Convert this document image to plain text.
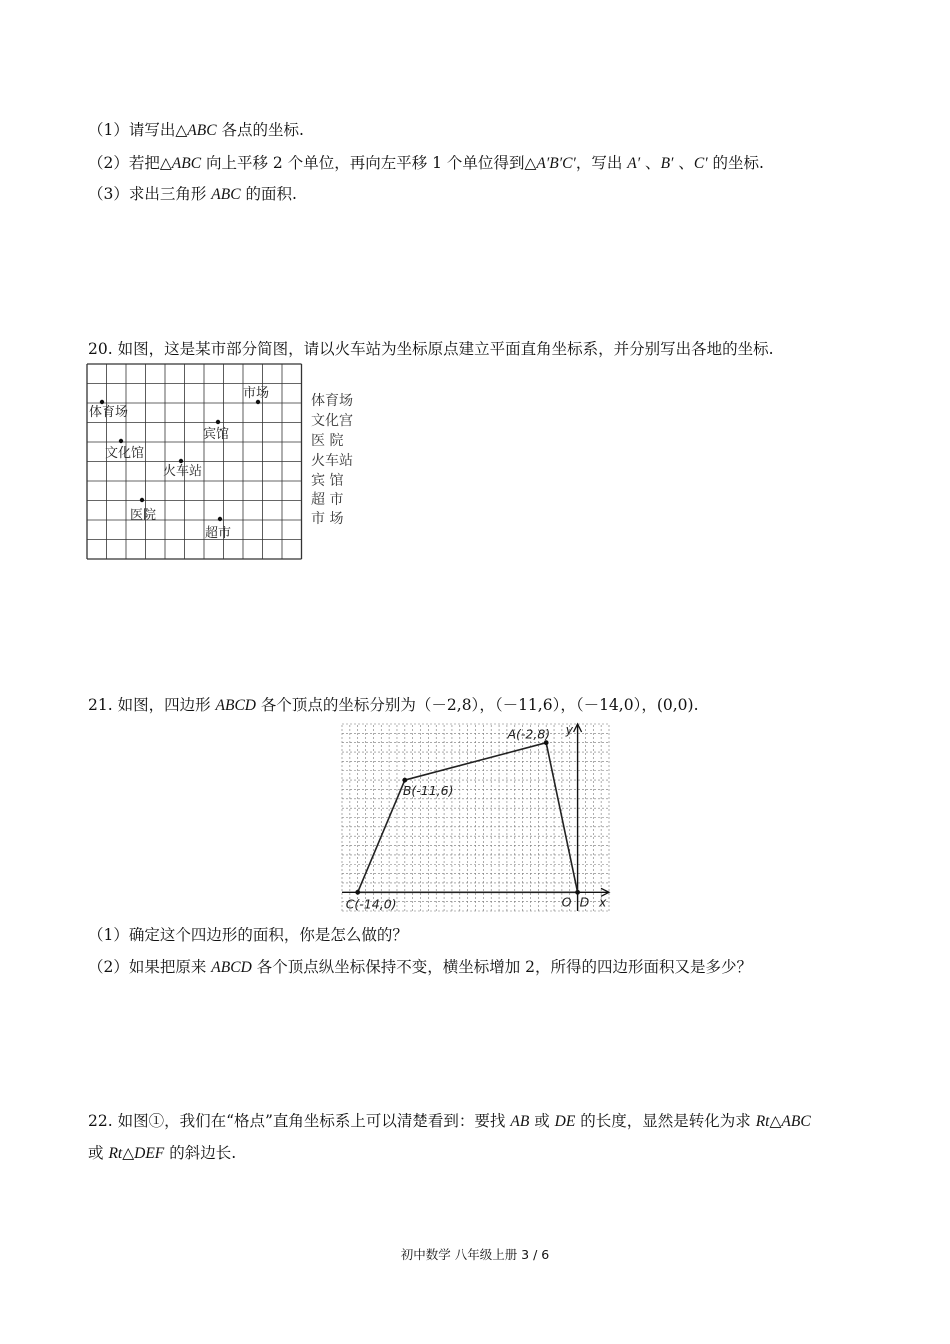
（1）请写出△ABC 各点的坐标.
（2）若把△ABC 向上平移 2 个单位，再向左平移 1 个单位得到△A′B′C′，写出 A′ 、B′ 、C′ 的坐标.
（3）求出三角形 ABC 的面积.
20. 如图，这是某市部分简图，请以火车站为坐标原点建立平面直角坐标系，并分别写出各地的坐标.
体育场
文化馆
宾馆
火车站
医院
超市
市场	体育场
文化宫
医 院
火车站
宾 馆
超 市
市 场
21. 如图，四边形 ABCD 各个顶点的坐标分别为（－2,8），（－11,6），（－14,0），(0,0).
A(-2,8)
B(-11,6)
C(-14,0)	O D x
y
（1）确定这个四边形的面积，你是怎么做的？
（2）如果把原来 ABCD 各个顶点纵坐标保持不变，横坐标增加 2，所得的四边形面积又是多少？
22. 如图①，我们在“格点”直角坐标系上可以清楚看到：要找 AB 或 DE 的长度，显然是转化为求 Rt△ABC
或 Rt△DEF 的斜边长.
初中数学 八年级上册 3 / 6
